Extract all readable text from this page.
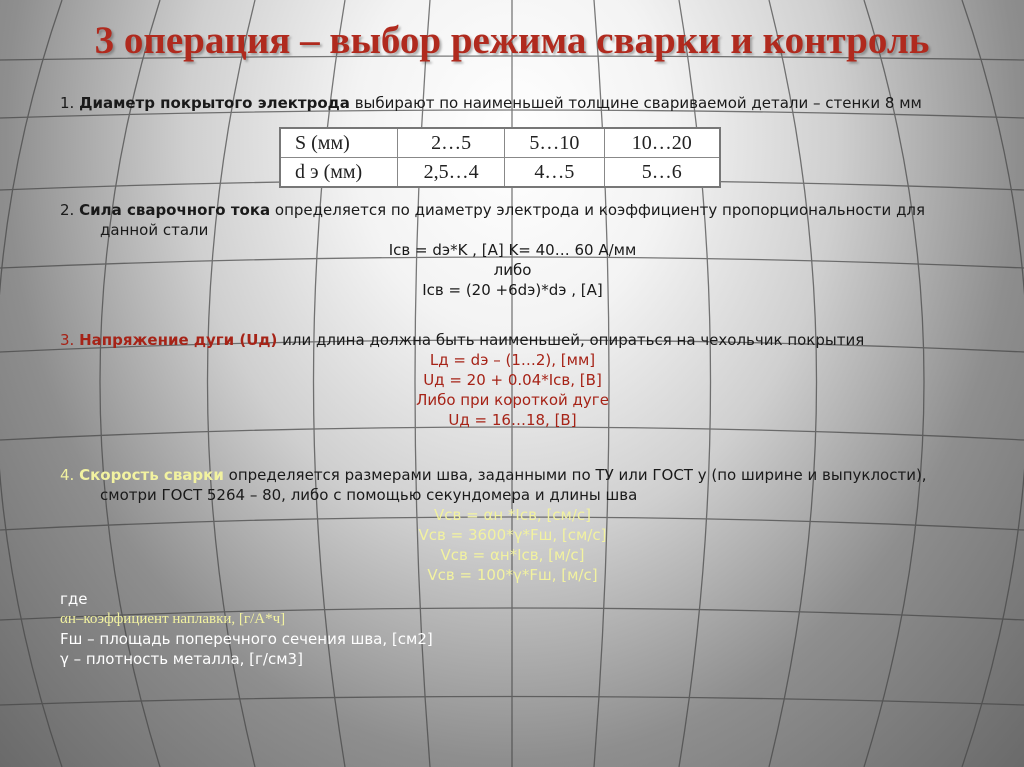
3 операция – выбор режима сварки и контроль

1. Диаметр покрытого электрода выбирают по наименьшей толщине свариваемой детали – стенки 8 мм

S (мм)	2…5	5…10	10…20
d э (мм)	2,5…4	4…5	5…6

2. Сила сварочного тока определяется по диаметру электрода и коэффициенту пропорциональности для данной стали

Iсв = dэ*K , [A] K= 40… 60 А/мм

либо

Iсв = (20 +6dэ)*dэ , [A]

3. Напряжение дуги (Uд) или длина должна быть наименьшей, опираться на чехольчик покрытия

Lд = dэ – (1…2), [мм]

Uд = 20 + 0.04*Iсв, [B]

Либо при короткой дуге

Uд = 16…18, [B]

4. Скорость сварки определяется размерами шва, заданными по ТУ или ГОСТ у (по ширине и выпуклости), смотри ГОСТ 5264 – 80, либо с помощью секундомера и длины шва

Vсв = αн *Iсв, [см/с]

Vсв = 3600*γ*Fш, [см/с]

Vсв = αн*Iсв, [м/с]

Vсв = 100*γ*Fш, [м/с]

где

αн–коэффициент наплавки, [г/А*ч]

Fш – площадь поперечного сечения шва, [см2]

γ – плотность металла, [г/см3]
